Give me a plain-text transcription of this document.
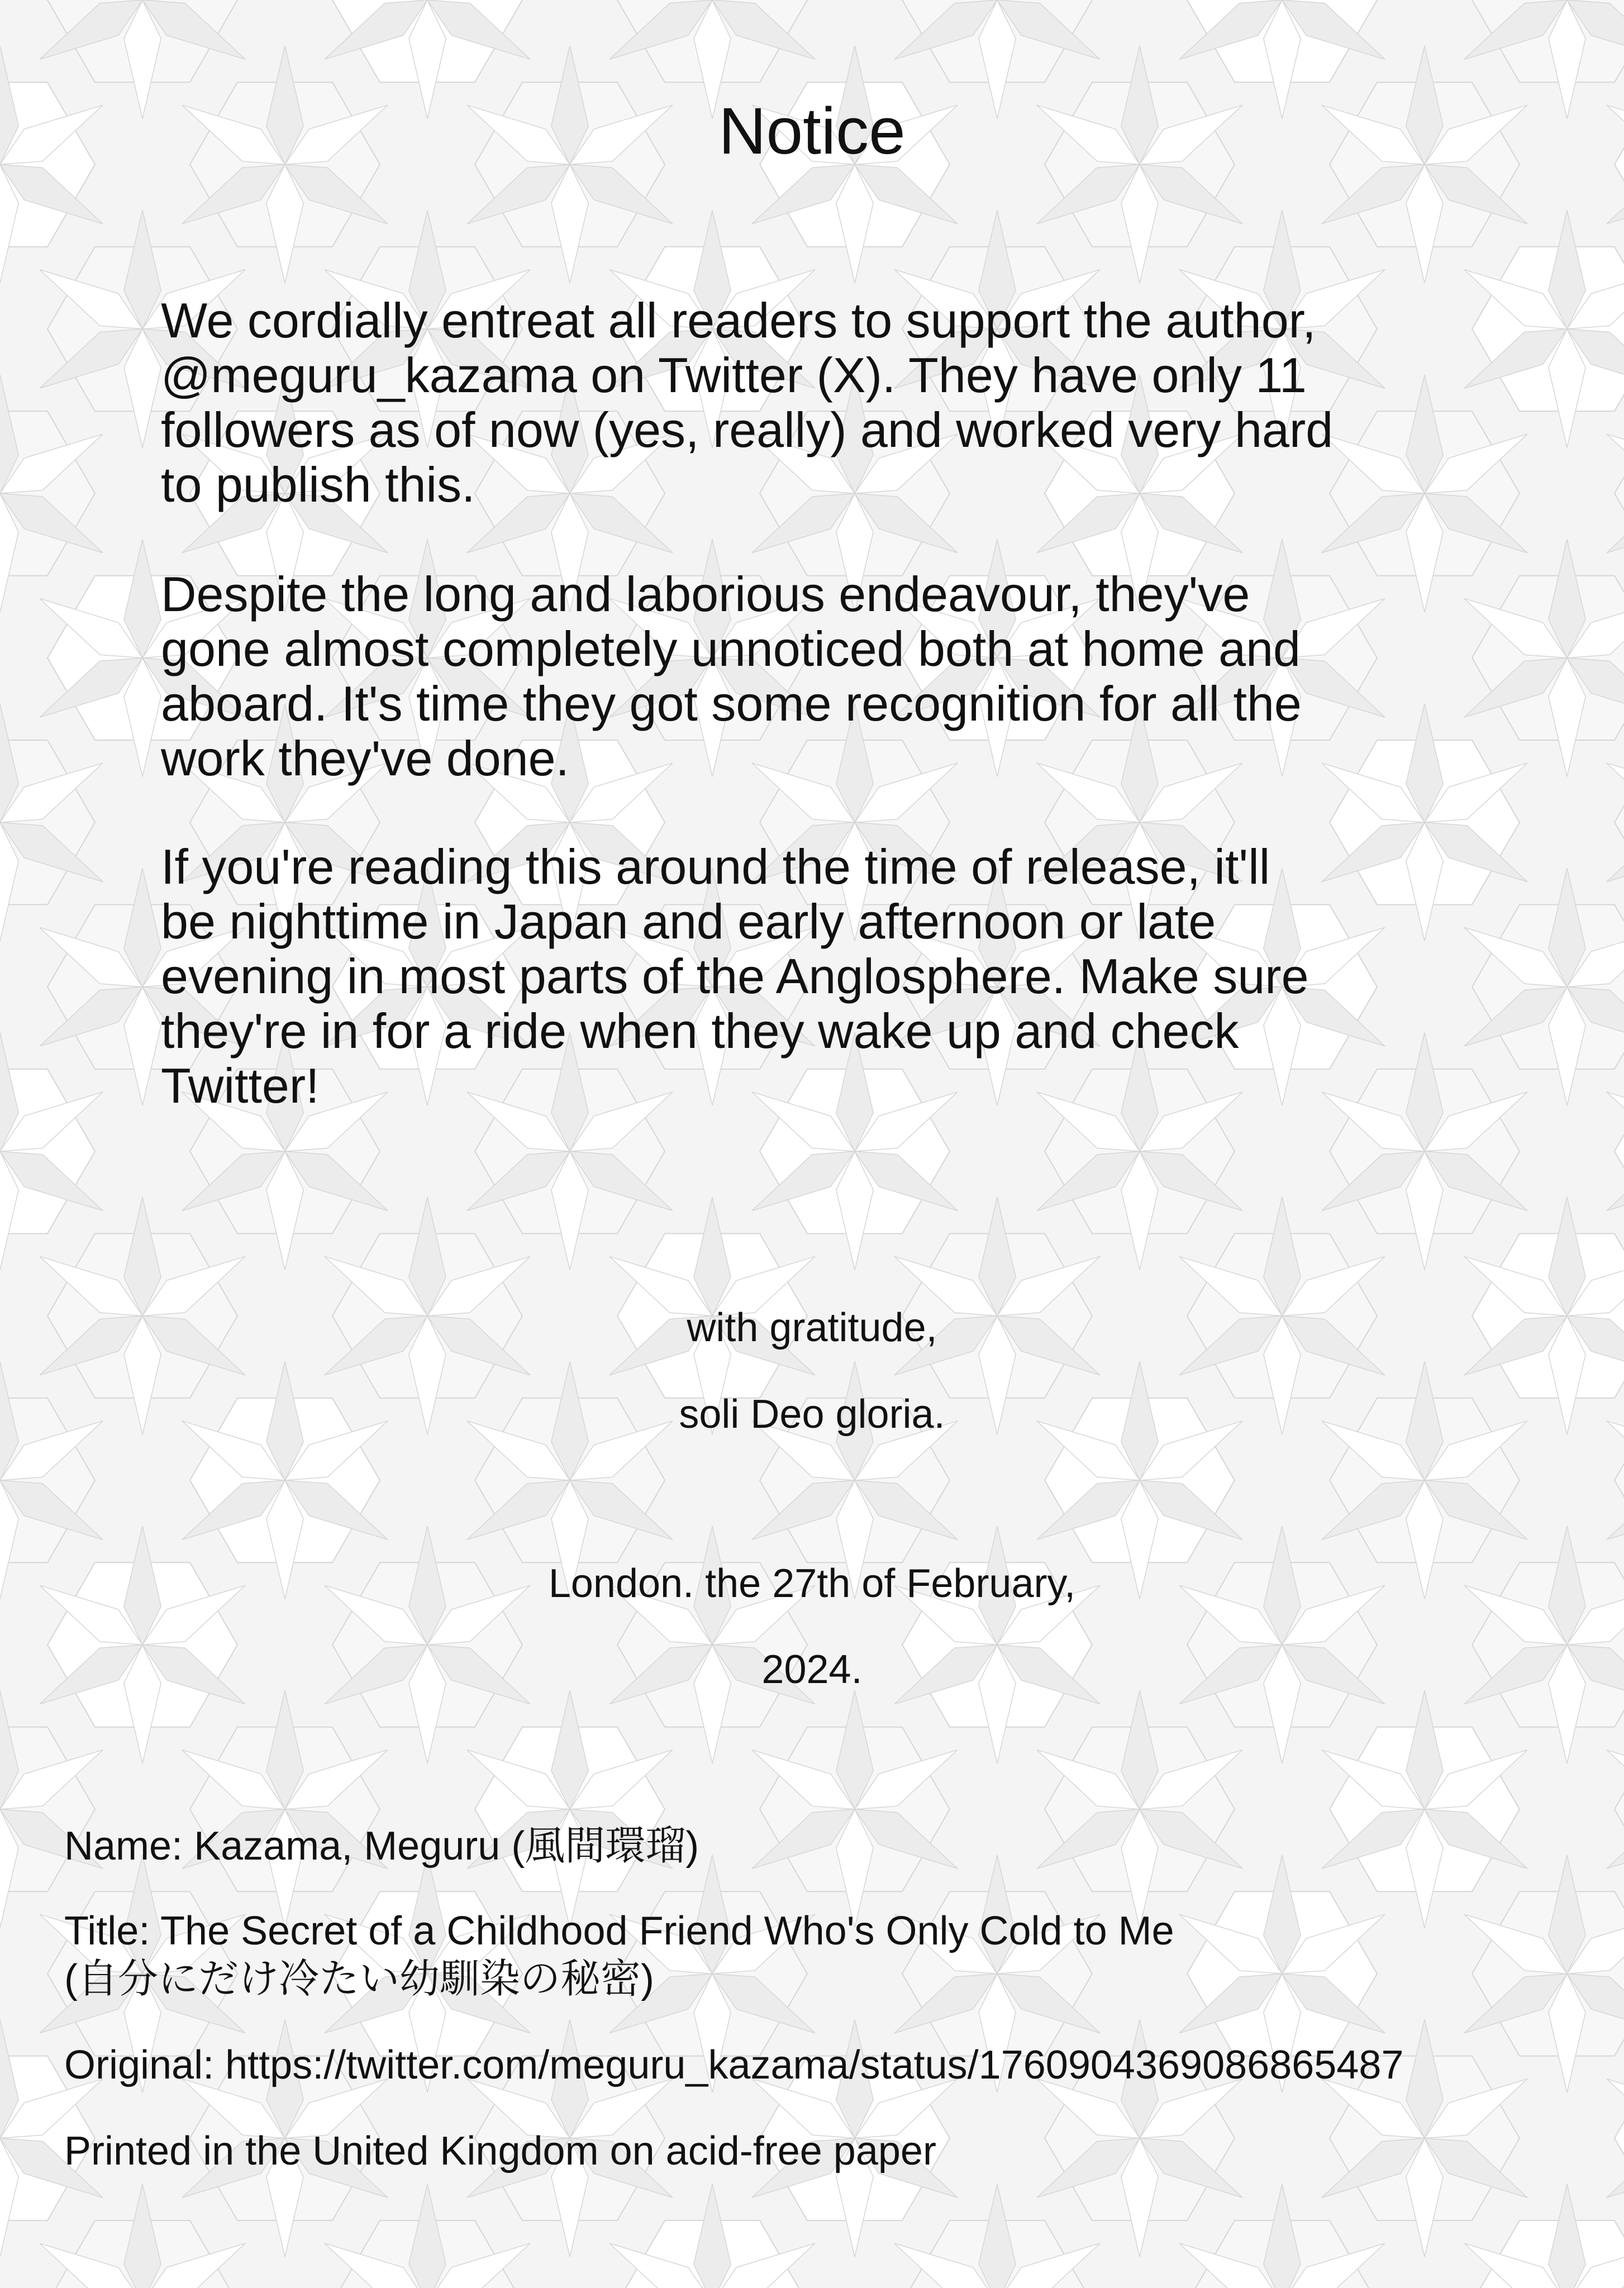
Notice

We cordially entreat all readers to support the author,
@meguru_kazama on Twitter (X). They have only 11
followers as of now (yes, really) and worked very hard
to publish this.

Despite the long and laborious endeavour, they've
gone almost completely unnoticed both at home and
aboard. It's time they got some recognition for all the
work they've done.

If you're reading this around the time of release, it'll
be nighttime in Japan and early afternoon or late
evening in most parts of the Anglosphere. Make sure
they're in for a ride when they wake up and check
Twitter!

with gratitude,

soli Deo gloria.

London. the 27th of February,

2024.

Name: Kazama, Meguru (風間環瑠)

Title: The Secret of a Childhood Friend Who's Only Cold to Me

(自分にだけ冷たい幼馴染の秘密)

Original: https://twitter.com/meguru_kazama/status/1760904369086865487

Printed in the United Kingdom on acid-free paper
